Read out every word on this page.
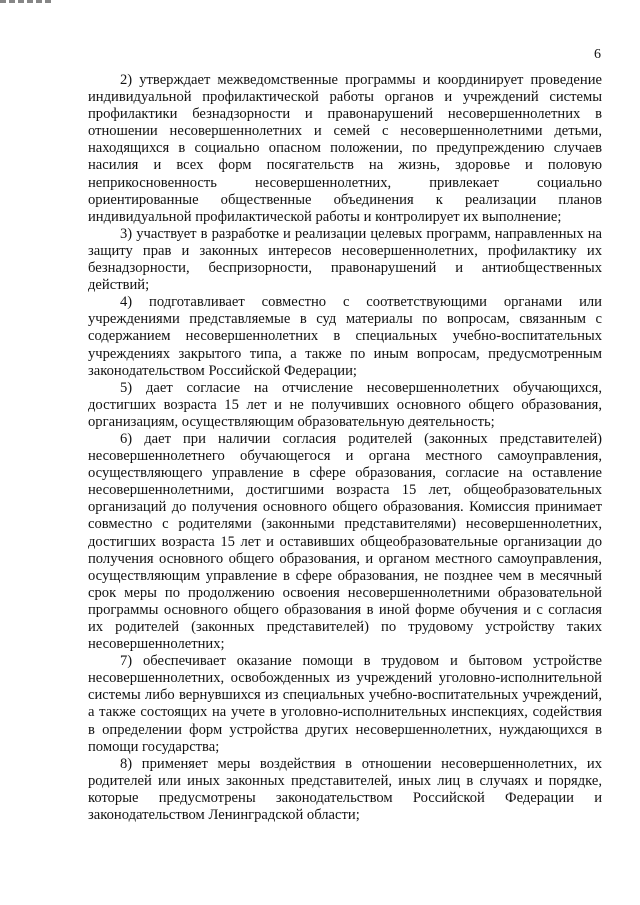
6

2) утверждает межведомственные программы и координирует проведение индивидуальной профилактической работы органов и учреждений системы профилактики безнадзорности и правонарушений несовершеннолетних в отношении несовершеннолетних и семей с несовершеннолетними детьми, находящихся в социально опасном положении, по предупреждению случаев насилия и всех форм посягательств на жизнь, здоровье и половую неприкосновенность несовершеннолетних, привлекает социально ориентированные общественные объединения к реализации планов индивидуальной профилактической работы и контролирует их выполнение;

3) участвует в разработке и реализации целевых программ, направленных на защиту прав и законных интересов несовершеннолетних, профилактику их безнадзорности, беспризорности, правонарушений и антиобщественных действий;

4) подготавливает совместно с соответствующими органами или учреждениями представляемые в суд материалы по вопросам, связанным с содержанием несовершеннолетних в специальных учебно-воспитательных учреждениях закрытого типа, а также по иным вопросам, предусмотренным законодательством Российской Федерации;

5) дает согласие на отчисление несовершеннолетних обучающихся, достигших возраста 15 лет и не получивших основного общего образования, организациям, осуществляющим образовательную деятельность;

6) дает при наличии согласия родителей (законных представителей) несовершеннолетнего обучающегося и органа местного самоуправления, осуществляющего управление в сфере образования, согласие на оставление несовершеннолетними, достигшими возраста 15 лет, общеобразовательных организаций до получения основного общего образования. Комиссия принимает совместно с родителями (законными представителями) несовершеннолетних, достигших возраста 15 лет и оставивших общеобразовательные организации до получения основного общего образования, и органом местного самоуправления, осуществляющим управление в сфере образования, не позднее чем в месячный срок меры по продолжению освоения несовершеннолетними образовательной программы основного общего образования в иной форме обучения и с согласия их родителей (законных представителей) по трудовому устройству таких несовершеннолетних;

7) обеспечивает оказание помощи в трудовом и бытовом устройстве несовершеннолетних, освобожденных из учреждений уголовно-исполнительной системы либо вернувшихся из специальных учебно-воспитательных учреждений, а также состоящих на учете в уголовно-исполнительных инспекциях, содействия в определении форм устройства других несовершеннолетних, нуждающихся в помощи государства;

8) применяет меры воздействия в отношении несовершеннолетних, их родителей или иных законных представителей, иных лиц в случаях и порядке, которые предусмотрены законодательством Российской Федерации и законодательством Ленинградской области;
